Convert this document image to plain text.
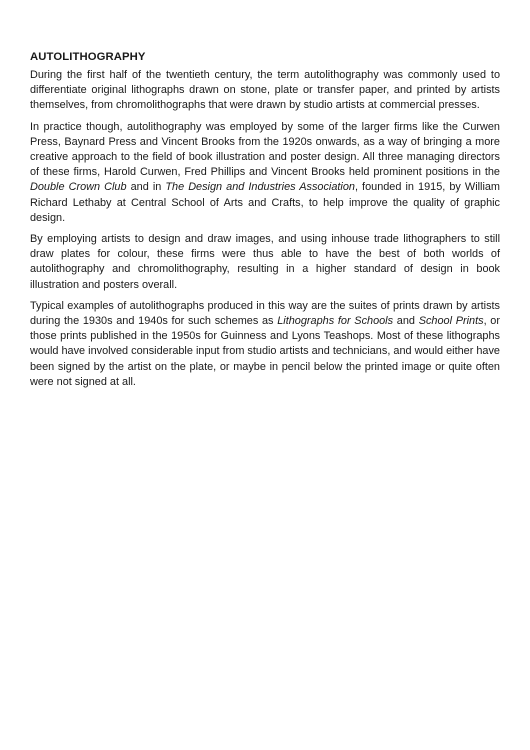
AUTOLITHOGRAPHY

During the first half of the twentieth century, the term autolithography was commonly used to differentiate original lithographs drawn on stone, plate or transfer paper, and printed by artists themselves, from chromolithographs that were drawn by studio artists at commercial presses.

In practice though, autolithography was employed by some of the larger firms like the Curwen Press, Baynard Press and Vincent Brooks from the 1920s onwards, as a way of bringing a more creative approach to the field of book illustration and poster design. All three managing directors of these firms, Harold Curwen, Fred Phillips and Vincent Brooks held prominent positions in the Double Crown Club and in The Design and Industries Association, founded in 1915, by William Richard Lethaby at Central School of Arts and Crafts, to help improve the quality of graphic design.

By employing artists to design and draw images, and using inhouse trade lithographers to still draw plates for colour, these firms were thus able to have the best of both worlds of autolithography and chromolithography, resulting in a higher standard of design in book illustration and posters overall.

Typical examples of autolithographs produced in this way are the suites of prints drawn by artists during the 1930s and 1940s for such schemes as Lithographs for Schools and School Prints, or those prints published in the 1950s for Guinness and Lyons Teashops. Most of these lithographs would have involved considerable input from studio artists and technicians, and would either have been signed by the artist on the plate, or maybe in pencil below the printed image or quite often were not signed at all.
